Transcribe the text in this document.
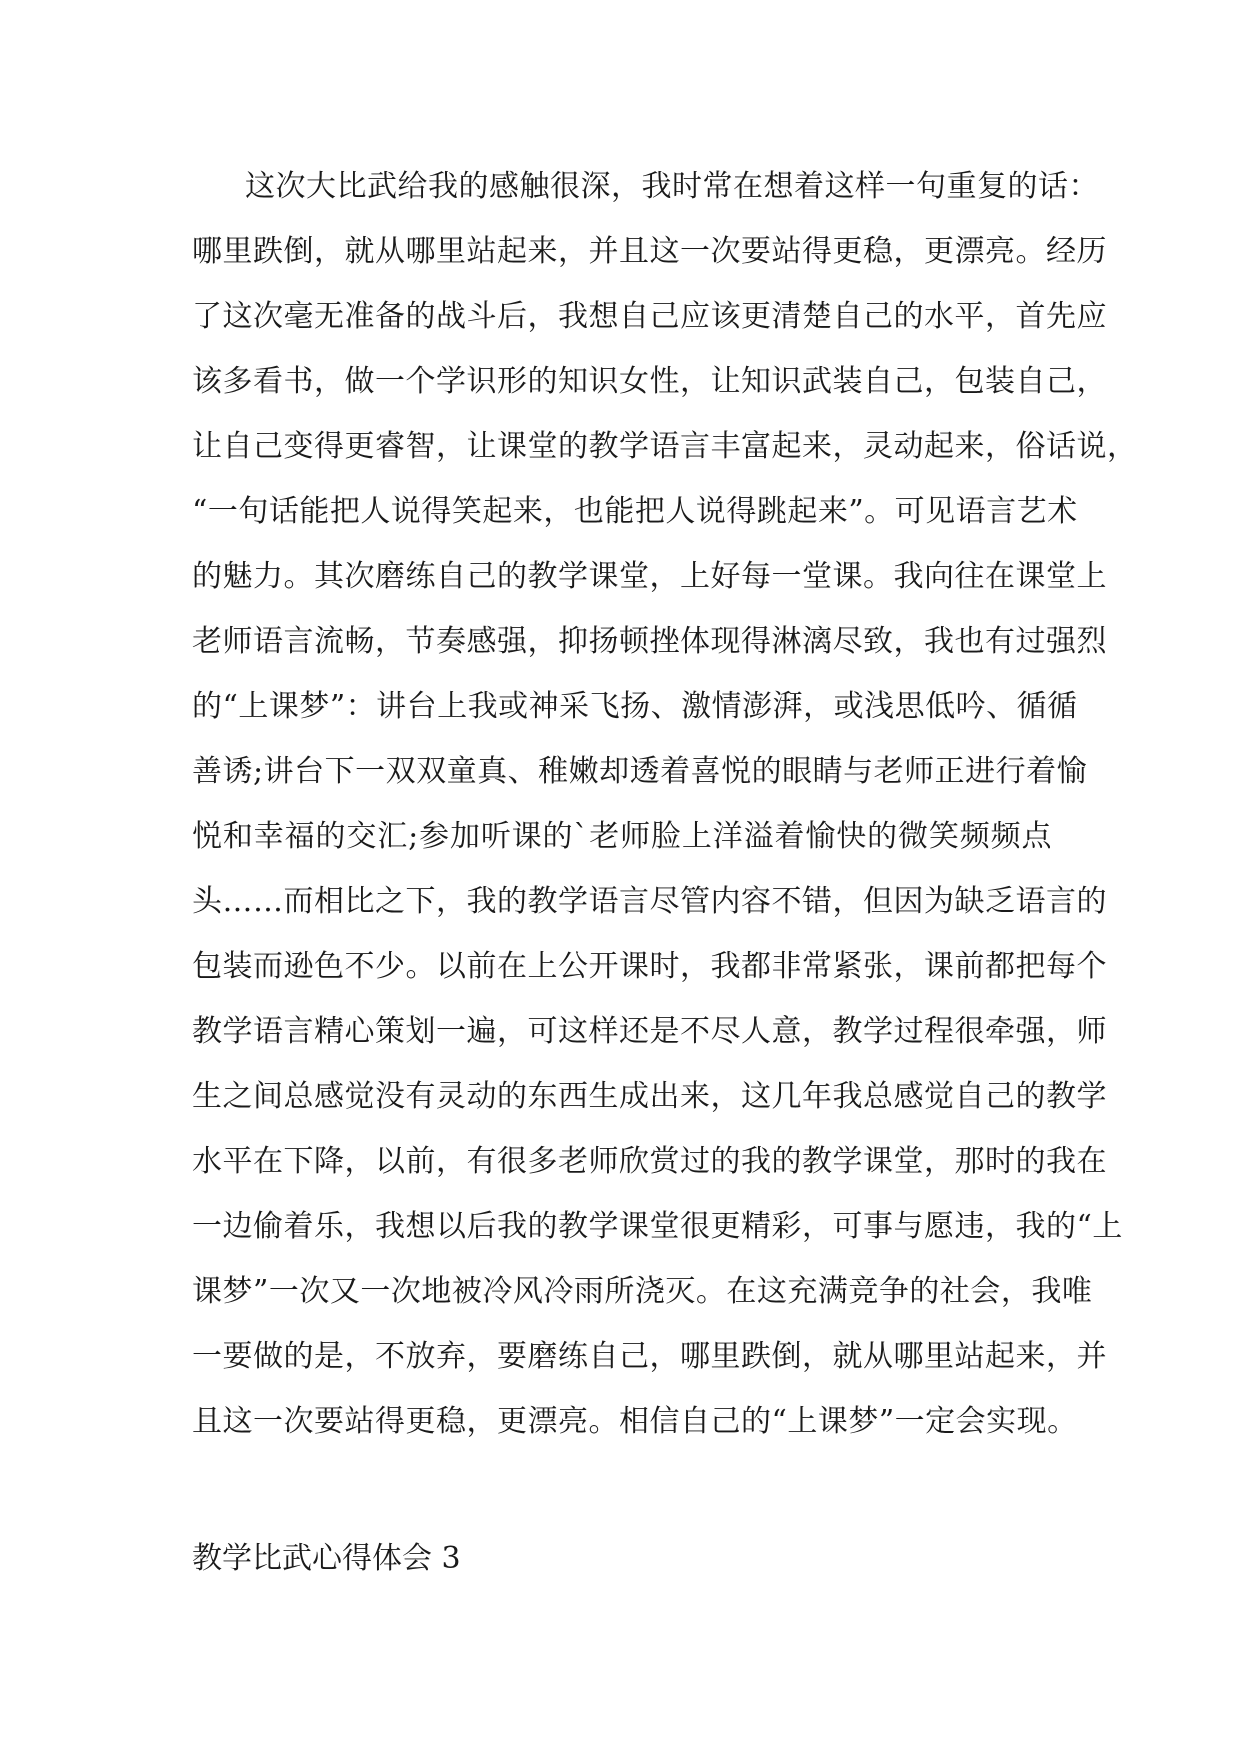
这次大比武给我的感触很深，我时常在想着这样一句重复的话：
哪里跌倒，就从哪里站起来，并且这一次要站得更稳，更漂亮。经历
了这次毫无准备的战斗后，我想自己应该更清楚自己的水平，首先应
该多看书，做一个学识形的知识女性，让知识武装自己，包装自己，
让自己变得更睿智，让课堂的教学语言丰富起来，灵动起来，俗话说，
“一句话能把人说得笑起来，也能把人说得跳起来”。可见语言艺术
的魅力。其次磨练自己的教学课堂，上好每一堂课。我向往在课堂上
老师语言流畅，节奏感强，抑扬顿挫体现得淋漓尽致，我也有过强烈
的“上课梦”：讲台上我或神采飞扬、激情澎湃，或浅思低吟、循循
善诱;讲台下一双双童真、稚嫩却透着喜悦的眼睛与老师正进行着愉
悦和幸福的交汇;参加听课的`老师脸上洋溢着愉快的微笑频频点
头……而相比之下，我的教学语言尽管内容不错，但因为缺乏语言的
包装而逊色不少。以前在上公开课时，我都非常紧张，课前都把每个
教学语言精心策划一遍，可这样还是不尽人意，教学过程很牵强，师
生之间总感觉没有灵动的东西生成出来，这几年我总感觉自己的教学
水平在下降，以前，有很多老师欣赏过的我的教学课堂，那时的我在
一边偷着乐，我想以后我的教学课堂很更精彩，可事与愿违，我的“上
课梦”一次又一次地被冷风冷雨所浇灭。在这充满竞争的社会，我唯
一要做的是，不放弃，要磨练自己，哪里跌倒，就从哪里站起来，并
且这一次要站得更稳，更漂亮。相信自己的“上课梦”一定会实现。
教学比武心得体会 3
